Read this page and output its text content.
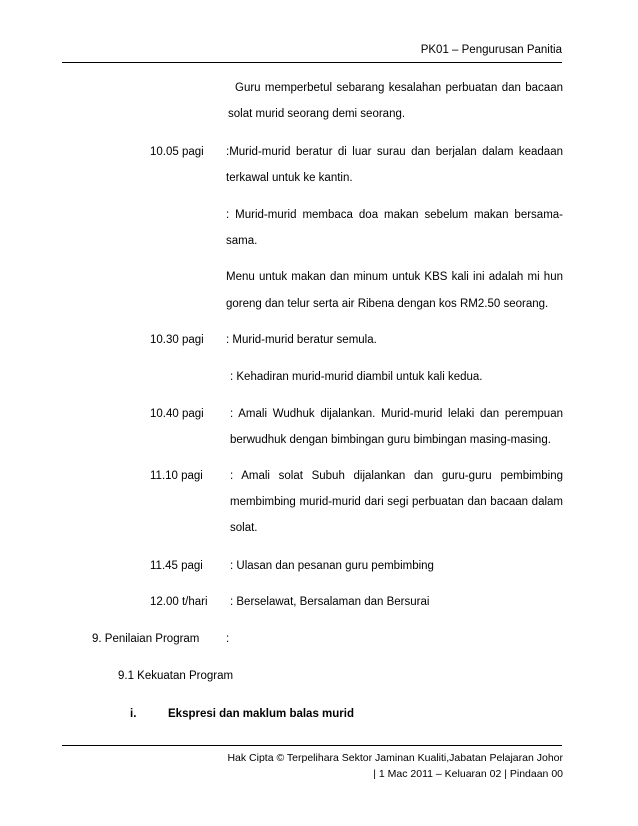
PK01 – Pengurusan Panitia
Guru memperbetul sebarang kesalahan perbuatan dan bacaan
solat murid seorang demi seorang.
10.05 pagi :Murid-murid beratur di luar surau dan berjalan dalam keadaan
terkawal untuk ke kantin.
: Murid-murid membaca doa makan sebelum makan bersama-
sama.
Menu untuk makan dan minum untuk KBS kali ini adalah mi hun
goreng dan telur serta air Ribena dengan kos RM2.50 seorang.
10.30 pagi : Murid-murid beratur semula.
: Kehadiran murid-murid diambil untuk kali kedua.
10.40 pagi : Amali Wudhuk dijalankan. Murid-murid lelaki dan perempuan
berwudhuk dengan bimbingan guru bimbingan masing-masing.
11.10 pagi : Amali solat Subuh dijalankan dan guru-guru pembimbing
membimbing murid-murid dari segi perbuatan dan bacaan dalam
solat.
11.45 pagi : Ulasan dan pesanan guru pembimbing
12.00 t/hari : Berselawat, Bersalaman dan Bersurai
9. Penilaian Program :
9.1 Kekuatan Program
i.	Ekspresi dan maklum balas murid
Hak Cipta © Terpelihara Sektor Jaminan Kualiti,Jabatan Pelajaran Johor
| 1 Mac 2011 – Keluaran 02 | Pindaan 00
